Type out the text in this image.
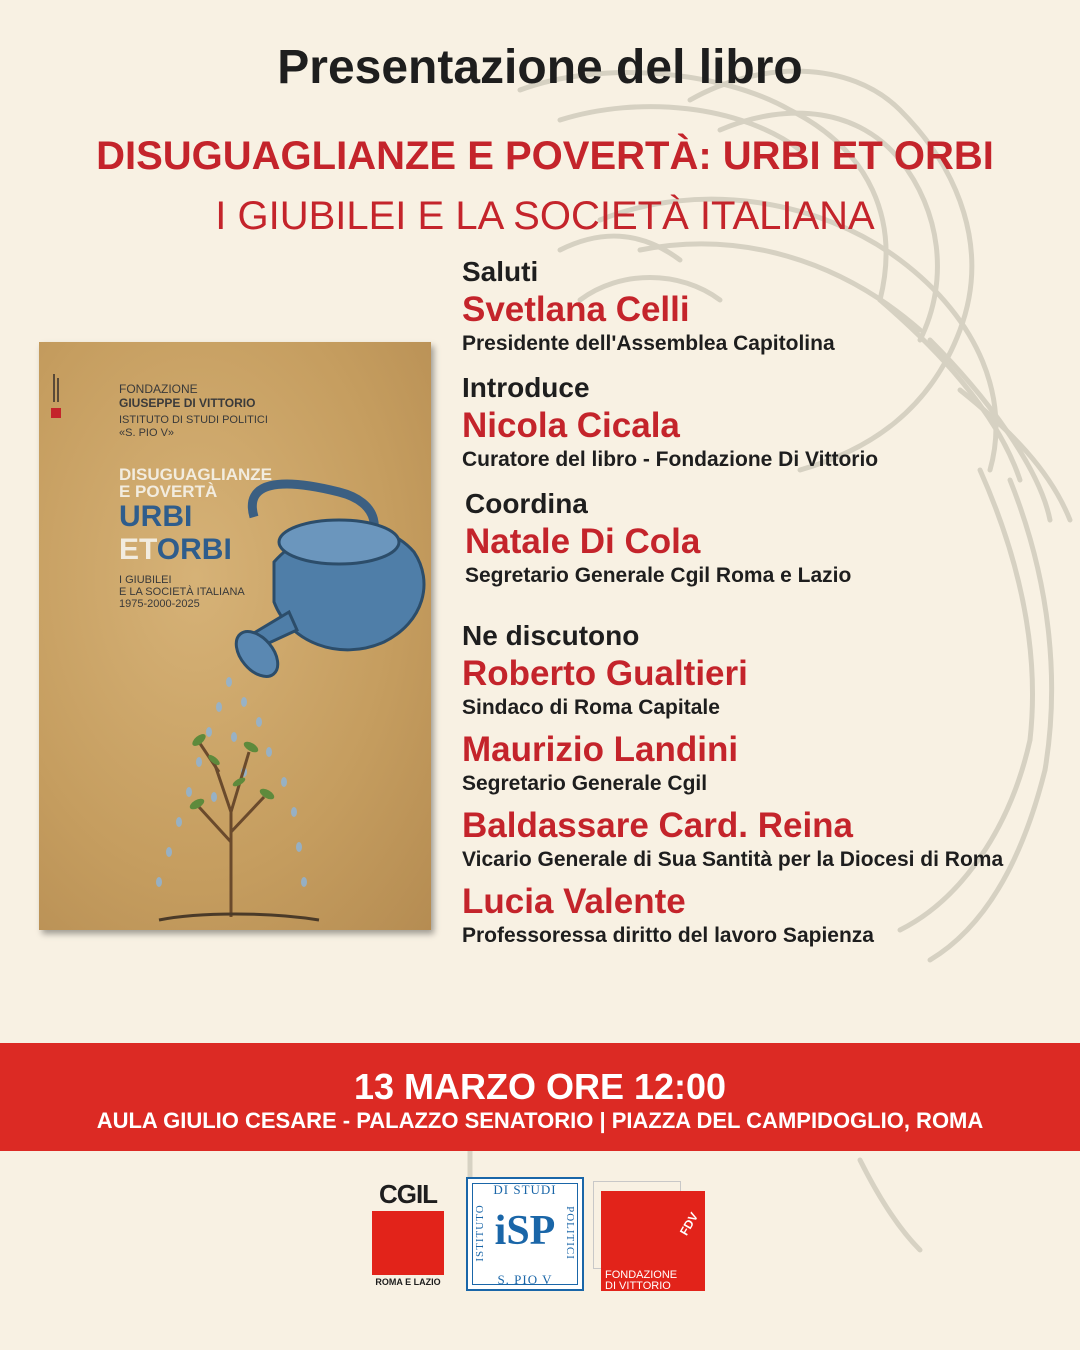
Presentazione del libro
DISUGUAGLIANZE E POVERTÀ: URBI ET ORBI
I GIUBILEI E LA SOCIETÀ ITALIANA
FONDAZIONE
GIUSEPPE DI VITTORIO
ISTITUTO DI STUDI POLITICI
«S. PIO V»
DISUGUAGLIANZE
E POVERTÀ
URBI
ETORBI
I GIUBILEI
E LA SOCIETÀ ITALIANA
1975-2000-2025
Saluti
Svetlana Celli
Presidente dell'Assemblea Capitolina
Introduce
Nicola Cicala
Curatore del libro - Fondazione Di Vittorio
Coordina
Natale Di Cola
Segretario Generale Cgil Roma e Lazio
Ne discutono
Roberto Gualtieri
Sindaco di Roma Capitale
Maurizio Landini
Segretario Generale Cgil
Baldassare Card. Reina
Vicario Generale di Sua Santità per la Diocesi di Roma
Lucia Valente
Professoressa diritto del lavoro Sapienza
13 MARZO ORE 12:00
AULA GIULIO CESARE - PALAZZO SENATORIO | PIAZZA DEL CAMPIDOGLIO, ROMA
CGIL
ROMA E LAZIO
DI STUDI
S. PIO V
ISTITUTO	POLITICI
iSP	FDV
FONDAZIONE
DI VITTORIO
